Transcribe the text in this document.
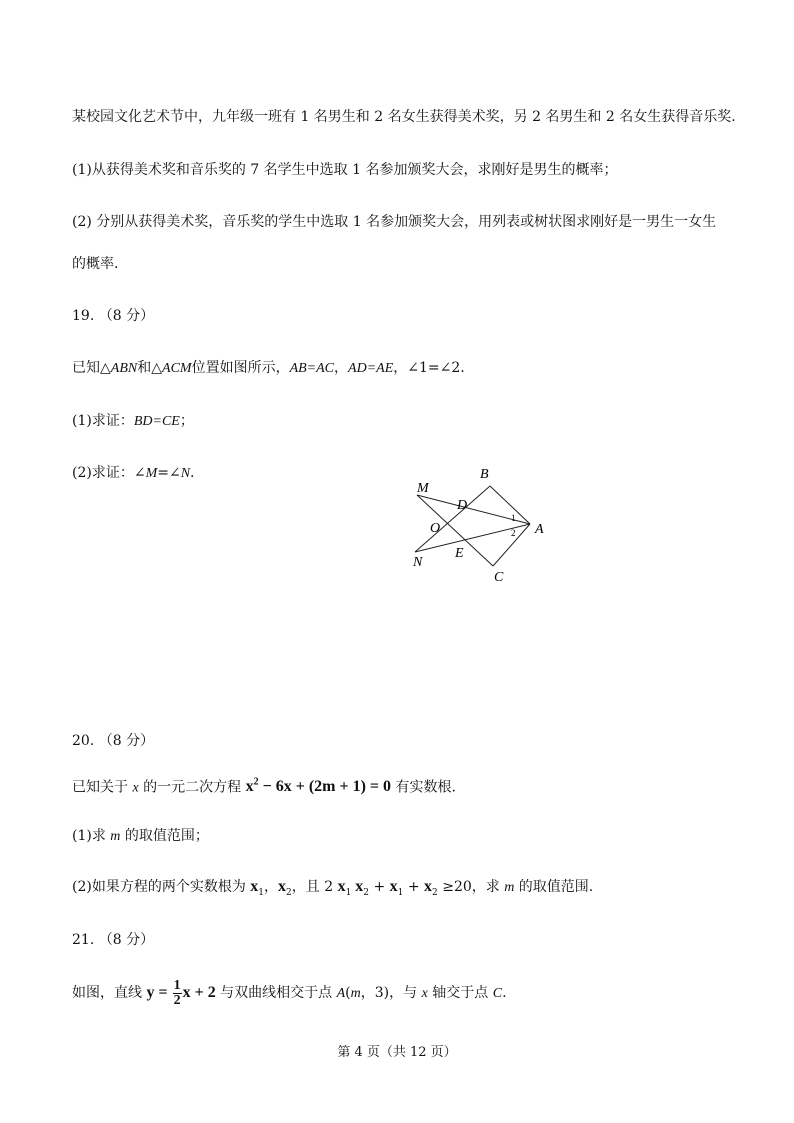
某校园文化艺术节中，九年级一班有 1 名男生和 2 名女生获得美术奖，另 2 名男生和 2 名女生获得音乐奖.
(1)从获得美术奖和音乐奖的 7 名学生中选取 1 名参加颁奖大会，求刚好是男生的概率；
(2) 分别从获得美术奖，音乐奖的学生中选取 1 名参加颁奖大会，用列表或树状图求刚好是一男生一女生
的概率.
19. （8 分）
已知△ABN和△ACM位置如图所示，AB=AC，AD=AE，∠1=∠2.
(1)求证：BD=CE；
(2)求证：∠M=∠N.
M
B
D
O	A
N
E
C
1
2
20. （8 分）
已知关于 x 的一元二次方程 $x^2 - 6x + (2m + 1) = 0$ 有实数根.
(1)求 m 的取值范围；
(2)如果方程的两个实数根为 $x_1$，$x_2$，且 2 $x_1$ $x_2 + x_1 + x_2 \ge 20$，求 m 的取值范围.
21. （8 分）
如图，直线 $y = \frac{1}{2}$ x + 2 与双曲线相交于点 A(m，3)，与 x 轴交于点 C.
第 4 页（共 12 页）
